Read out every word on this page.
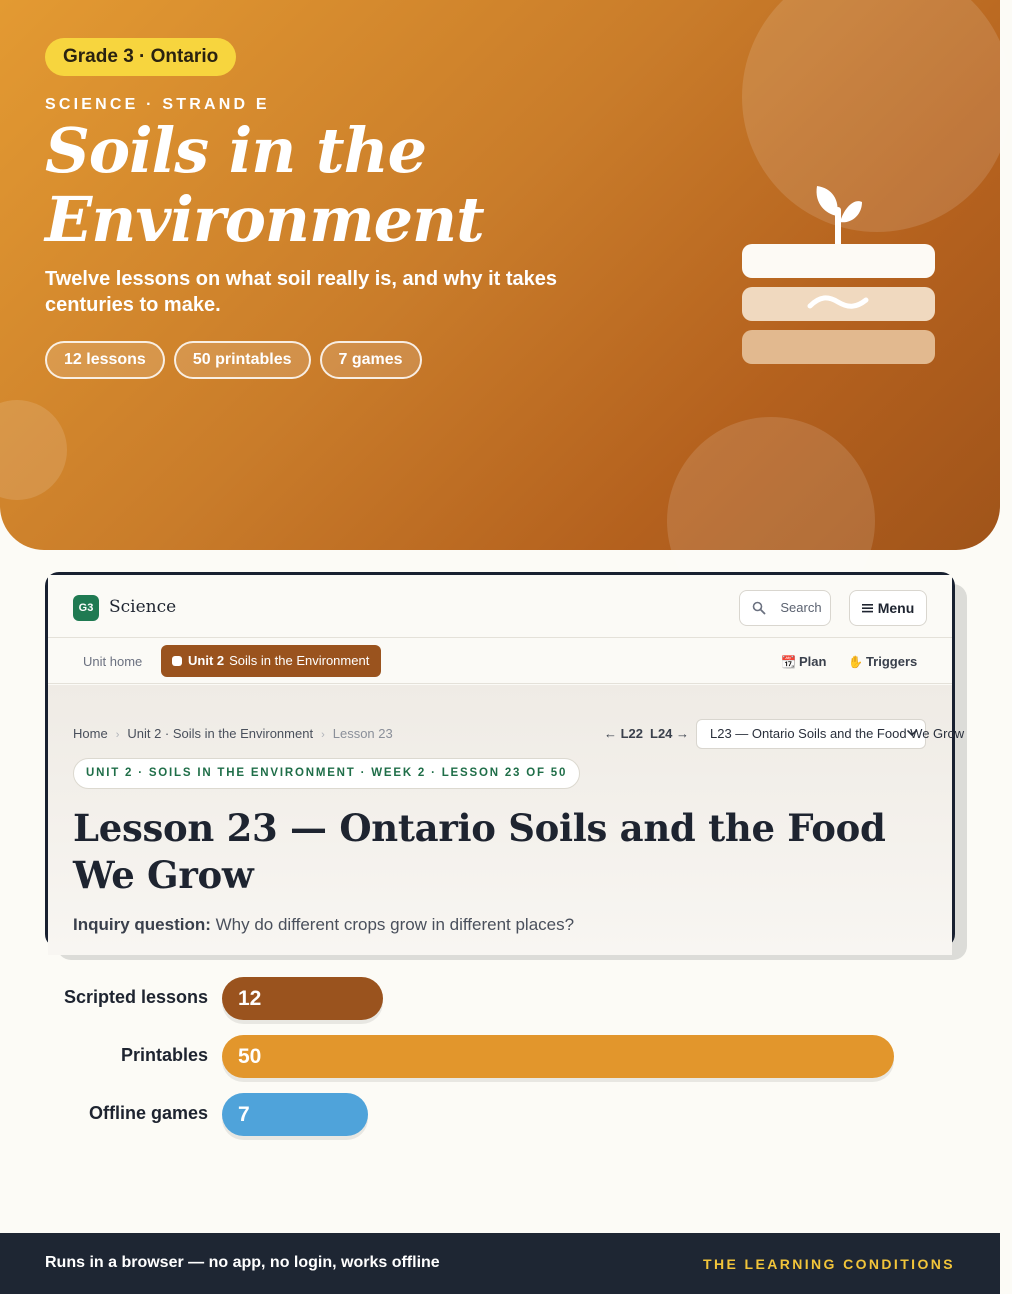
Grade 3 · Ontario
SCIENCE · STRAND E
Soils in the Environment

Twelve lessons on what soil really is, and why it takes centuries to make.

12 lessons	50 printables	7 games
G3 Science	Search	Menu
Unit home	Unit 2 Soils in the Environment	📆 Plan ✋ Triggers
Home › Unit 2 · Soils in the Environment › Lesson 23	← L22 L24 →	L23 — Ontario Soils and the Food We Grow
UNIT 2 · SOILS IN THE ENVIRONMENT · WEEK 2 · LESSON 23 OF 50
Lesson 23 — Ontario Soils and the Food We Grow

Inquiry question: Why do different crops grow in different places?

Scripted lessons	12
Printables	50
Offline games	7
Runs in a browser — no app, no login, works offline	THE LEARNING CONDITIONS
